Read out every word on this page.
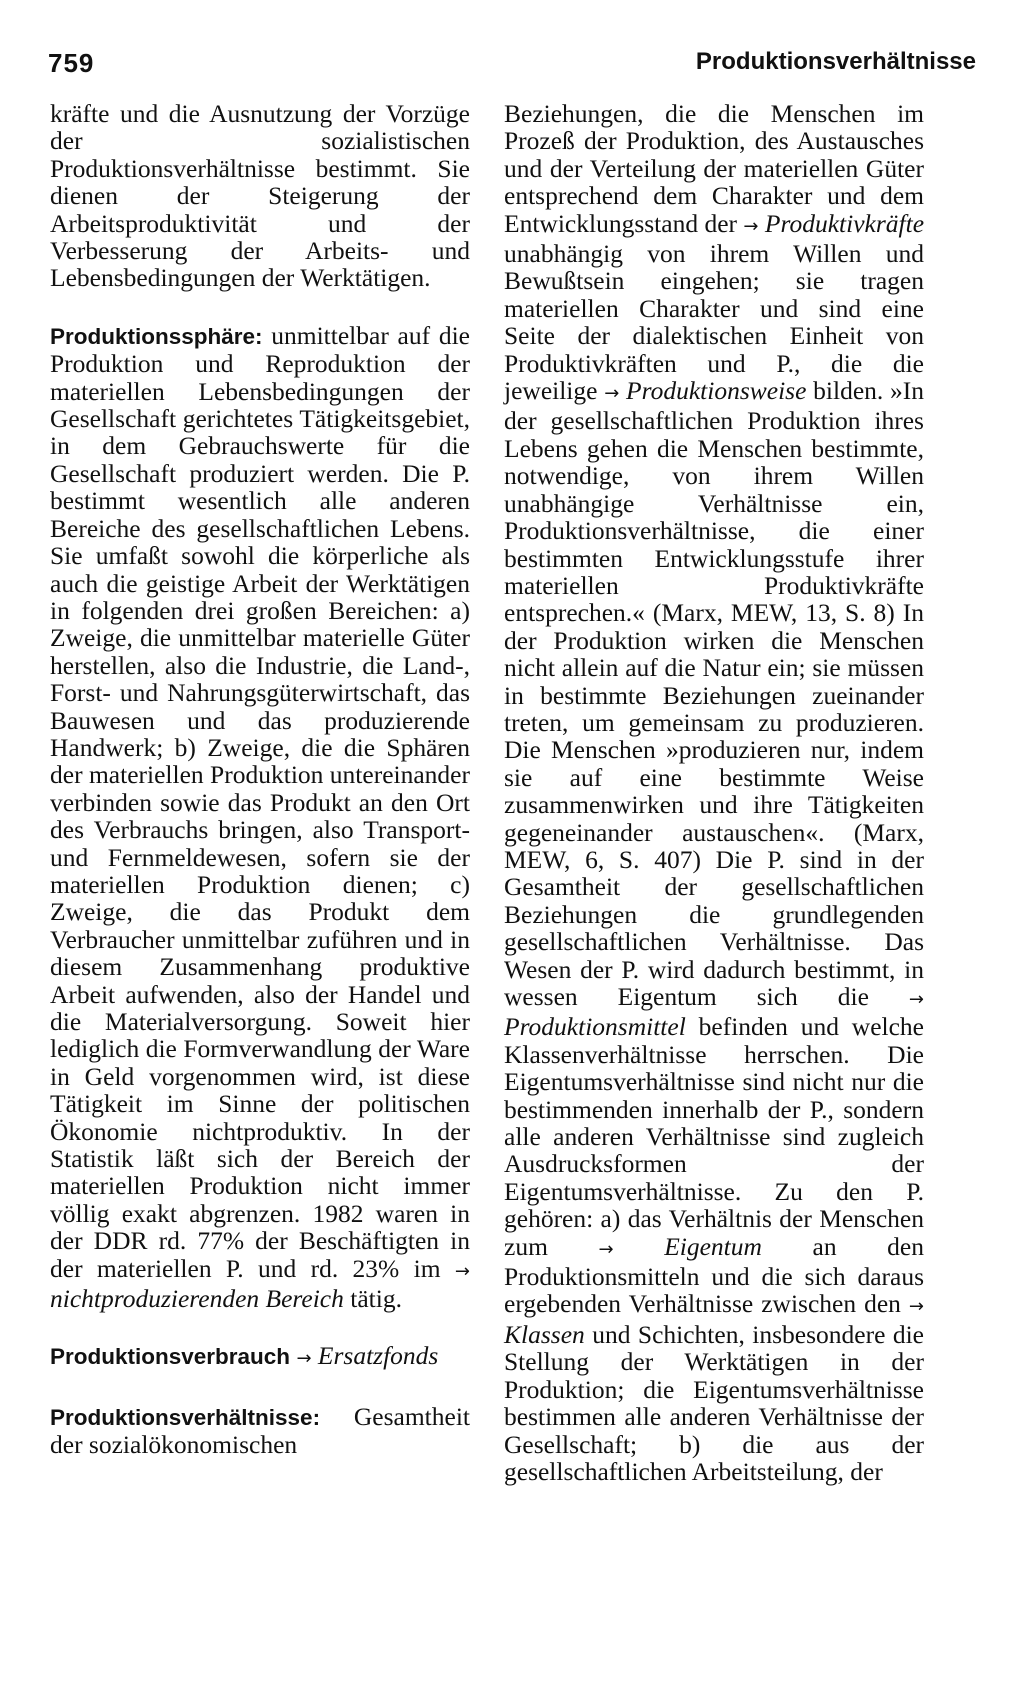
759	Produktionsverhältnisse

kräfte und die Ausnutzung der Vorzüge der sozialistischen Produktionsverhältnisse bestimmt. Sie dienen der Steigerung der Arbeitsproduktivität und der Verbesserung der Arbeits- und Lebensbedingungen der Werktätigen.

Produktionssphäre: unmittelbar auf die Produktion und Reproduktion der materiellen Lebensbedingungen der Gesellschaft gerichtetes Tätigkeitsgebiet, in dem Gebrauchswerte für die Gesellschaft produziert werden. Die P. bestimmt wesentlich alle anderen Bereiche des gesellschaftlichen Lebens. Sie umfaßt sowohl die körperliche als auch die geistige Arbeit der Werktätigen in folgenden drei großen Bereichen: a) Zweige, die unmittelbar materielle Güter herstellen, also die Industrie, die Land-, Forst- und Nahrungsgüterwirtschaft, das Bauwesen und das produzierende Handwerk; b) Zweige, die die Sphären der materiellen Produktion untereinander verbinden sowie das Produkt an den Ort des Verbrauchs bringen, also Transport- und Fernmeldewesen, sofern sie der materiellen Produktion dienen; c) Zweige, die das Produkt dem Verbraucher unmittelbar zuführen und in diesem Zusammenhang produktive Arbeit aufwenden, also der Handel und die Materialversorgung. Soweit hier lediglich die Formverwandlung der Ware in Geld vorgenommen wird, ist diese Tätigkeit im Sinne der politischen Ökonomie nichtproduktiv. In der Statistik läßt sich der Bereich der materiellen Produktion nicht immer völlig exakt abgrenzen. 1982 waren in der DDR rd. 77% der Beschäftigten in der materiellen P. und rd. 23% im → nichtproduzierenden Bereich tätig.

Produktionsverbrauch → Ersatzfonds

Produktionsverhältnisse: Gesamtheit der sozialökonomischen

Beziehungen, die die Menschen im Prozeß der Produktion, des Austausches und der Verteilung der materiellen Güter entsprechend dem Charakter und dem Entwicklungsstand der → Produktivkräfte unabhängig von ihrem Willen und Bewußtsein eingehen; sie tragen materiellen Charakter und sind eine Seite der dialektischen Einheit von Produktivkräften und P., die die jeweilige → Produktionsweise bilden. »In der gesellschaftlichen Produktion ihres Lebens gehen die Menschen bestimmte, notwendige, von ihrem Willen unabhängige Verhältnisse ein, Produktionsverhältnisse, die einer bestimmten Entwicklungsstufe ihrer materiellen Produktivkräfte entsprechen.« (Marx, MEW, 13, S. 8) In der Produktion wirken die Menschen nicht allein auf die Natur ein; sie müssen in bestimmte Beziehungen zueinander treten, um gemeinsam zu produzieren. Die Menschen »produzieren nur, indem sie auf eine bestimmte Weise zusammenwirken und ihre Tätigkeiten gegeneinander austauschen«. (Marx, MEW, 6, S. 407) Die P. sind in der Gesamtheit der gesellschaftlichen Beziehungen die grundlegenden gesellschaftlichen Verhältnisse. Das Wesen der P. wird dadurch bestimmt, in wessen Eigentum sich die → Produktionsmittel befinden und welche Klassenverhältnisse herrschen. Die Eigentumsverhältnisse sind nicht nur die bestimmenden innerhalb der P., sondern alle anderen Verhältnisse sind zugleich Ausdrucksformen der Eigentumsverhältnisse. Zu den P. gehören: a) das Verhältnis der Menschen zum → Eigentum an den Produktionsmitteln und die sich daraus ergebenden Verhältnisse zwischen den → Klassen und Schichten, insbesondere die Stellung der Werktätigen in der Produktion; die Eigentumsverhältnisse bestimmen alle anderen Verhältnisse der Gesellschaft; b) die aus der gesellschaftlichen Arbeitsteilung, der
